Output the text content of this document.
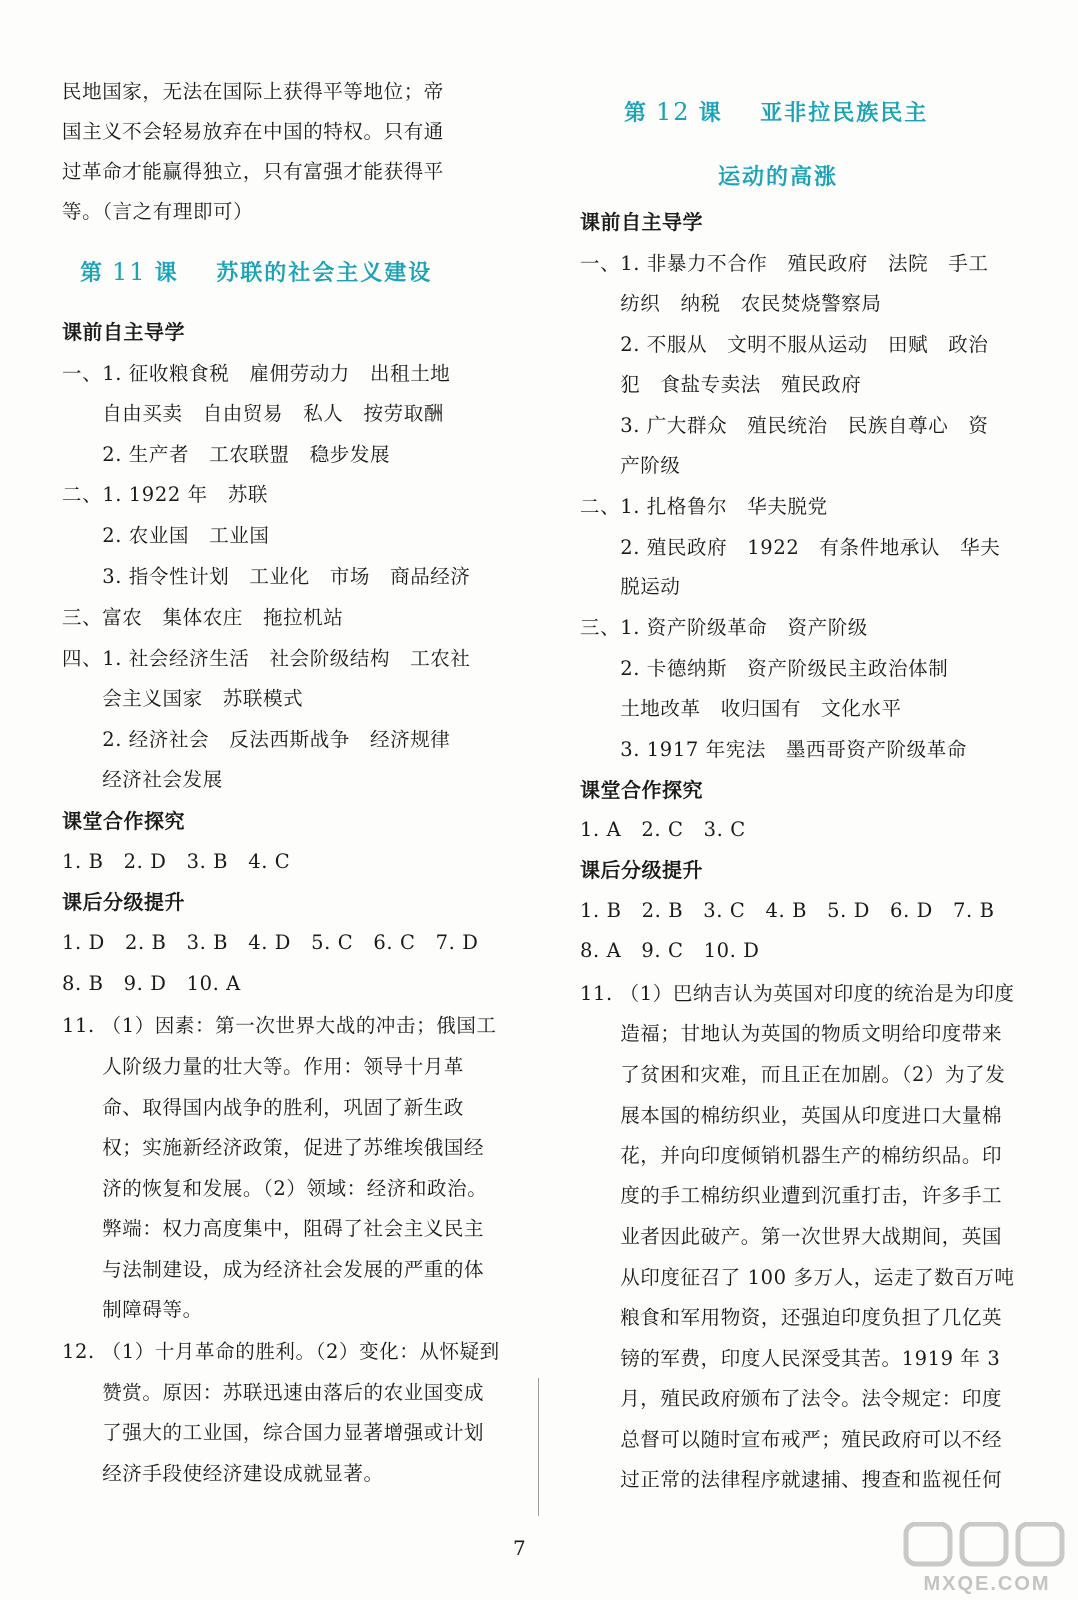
民地国家，无法在国际上获得平等地位；帝
国主义不会轻易放弃在中国的特权。只有通
过革命才能赢得独立，只有富强才能获得平
等。（言之有理即可）
第 11 课 苏联的社会主义建设
课前自主导学
一、1. 征收粮食税　雇佣劳动力　出租土地
　　自由买卖　自由贸易　私人　按劳取酬
　　2. 生产者　工农联盟　稳步发展
二、1. 1922 年　苏联
　　2. 农业国　工业国
　　3. 指令性计划　工业化　市场　商品经济
三、富农　集体农庄　拖拉机站
四、1. 社会经济生活　社会阶级结构　工农社
　　会主义国家　苏联模式
　　2. 经济社会　反法西斯战争　经济规律
　　经济社会发展
课堂合作探究
1. B　2. D　3. B　4. C
课后分级提升
1. D　2. B　3. B　4. D　5. C　6. C　7. D
8. B　9. D　10. A
11. （1）因素：第一次世界大战的冲击；俄国工
　　人阶级力量的壮大等。作用：领导十月革
　　命、取得国内战争的胜利，巩固了新生政
　　权；实施新经济政策，促进了苏维埃俄国经
　　济的恢复和发展。（2）领域：经济和政治。
　　弊端：权力高度集中，阻碍了社会主义民主
　　与法制建设，成为经济社会发展的严重的体
　　制障碍等。
12. （1）十月革命的胜利。（2）变化：从怀疑到
　　赞赏。原因：苏联迅速由落后的农业国变成
　　了强大的工业国，综合国力显著增强或计划
　　经济手段使经济建设成就显著。
第 12 课 亚非拉民族民主
运动的高涨
课前自主导学
一、1. 非暴力不合作　殖民政府　法院　手工
　　纺织　纳税　农民焚烧警察局
　　2. 不服从　文明不服从运动　田赋　政治
　　犯　食盐专卖法　殖民政府
　　3. 广大群众　殖民统治　民族自尊心　资
　　产阶级
二、1. 扎格鲁尔　华夫脱党
　　2. 殖民政府　1922　有条件地承认　华夫
　　脱运动
三、1. 资产阶级革命　资产阶级
　　2. 卡德纳斯　资产阶级民主政治体制
　　土地改革　收归国有　文化水平
　　3. 1917 年宪法　墨西哥资产阶级革命
课堂合作探究
1. A　2. C　3. C
课后分级提升
1. B　2. B　3. C　4. B　5. D　6. D　7. B
8. A　9. C　10. D
11. （1）巴纳吉认为英国对印度的统治是为印度
　　造福；甘地认为英国的物质文明给印度带来
　　了贫困和灾难，而且正在加剧。（2）为了发
　　展本国的棉纺织业，英国从印度进口大量棉
　　花，并向印度倾销机器生产的棉纺织品。印
　　度的手工棉纺织业遭到沉重打击，许多手工
　　业者因此破产。第一次世界大战期间，英国
　　从印度征召了 100 多万人，运走了数百万吨
　　粮食和军用物资，还强迫印度负担了几亿英
　　镑的军费，印度人民深受其苦。1919 年 3
　　月，殖民政府颁布了法令。法令规定：印度
　　总督可以随时宣布戒严；殖民政府可以不经
　　过正常的法律程序就逮捕、搜查和监视任何
7
MXQE.COM
